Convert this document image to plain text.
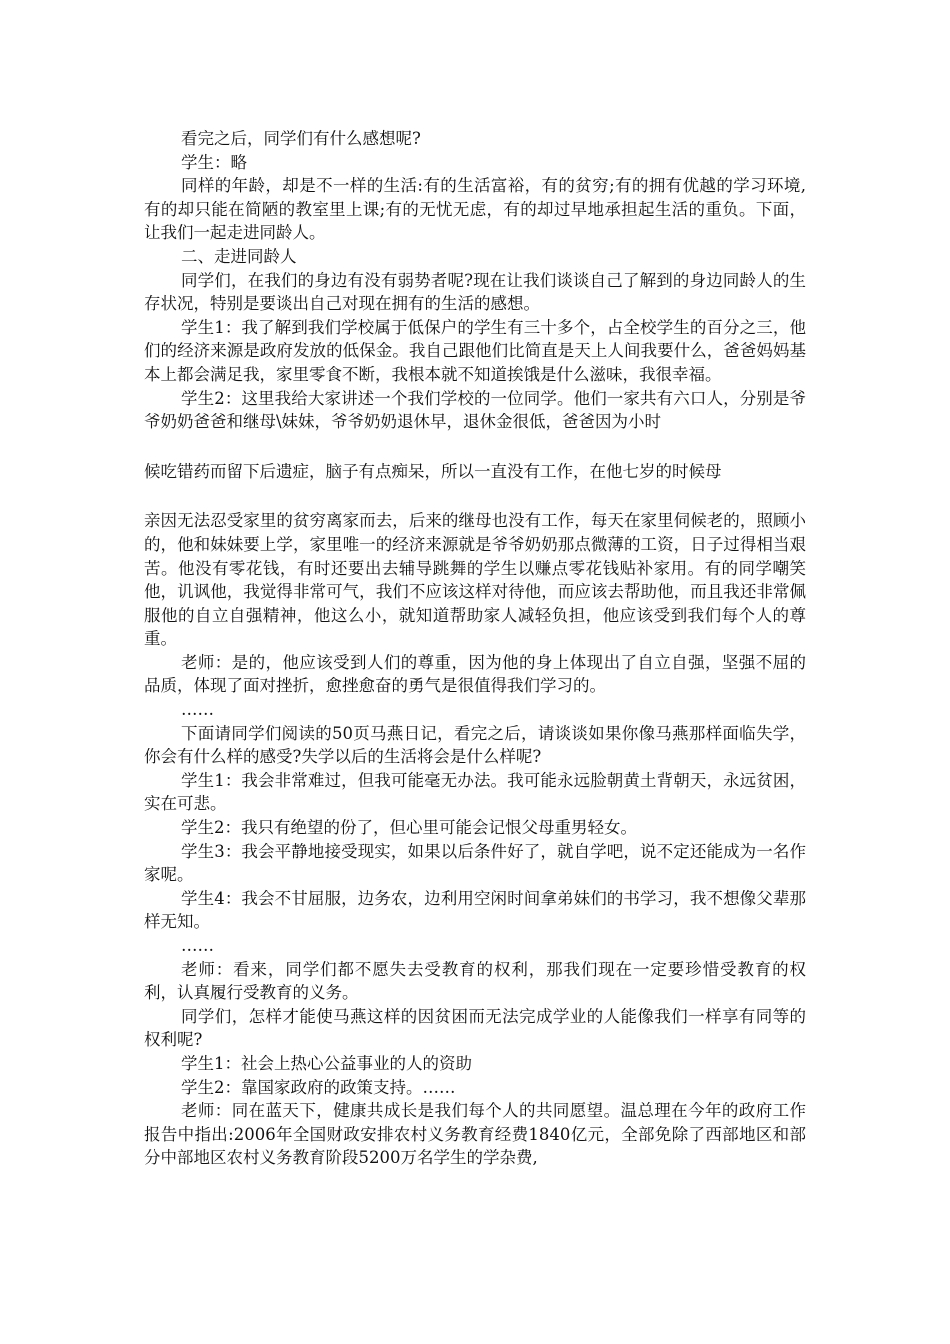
看完之后，同学们有什么感想呢?

学生：略

同样的年龄，却是不一样的生活:有的生活富裕，有的贫穷;有的拥有优越的学习环境,有的却只能在简陋的教室里上课;有的无忧无虑，有的却过早地承担起生活的重负。下面，让我们一起走进同龄人。

二、走进同龄人

同学们，在我们的身边有没有弱势者呢?现在让我们谈谈自己了解到的身边同龄人的生存状况，特别是要谈出自己对现在拥有的生活的感想。

学生1：我了解到我们学校属于低保户的学生有三十多个，占全校学生的百分之三，他们的经济来源是政府发放的低保金。我自己跟他们比简直是天上人间我要什么，爸爸妈妈基本上都会满足我，家里零食不断，我根本就不知道挨饿是什么滋味，我很幸福。

学生2：这里我给大家讲述一个我们学校的一位同学。他们一家共有六口人，分别是爷爷奶奶爸爸和继母\妹妹，爷爷奶奶退休早，退休金很低，爸爸因为小时

候吃错药而留下后遗症，脑子有点痴呆，所以一直没有工作，在他七岁的时候母

亲因无法忍受家里的贫穷离家而去，后来的继母也没有工作，每天在家里伺候老的，照顾小的，他和妹妹要上学，家里唯一的经济来源就是爷爷奶奶那点微薄的工资，日子过得相当艰苦。他没有零花钱，有时还要出去辅导跳舞的学生以赚点零花钱贴补家用。有的同学嘲笑他，讥讽他，我觉得非常可气，我们不应该这样对待他，而应该去帮助他，而且我还非常佩服他的自立自强精神，他这么小，就知道帮助家人减轻负担，他应该受到我们每个人的尊重。

老师：是的，他应该受到人们的尊重，因为他的身上体现出了自立自强，坚强不屈的品质，体现了面对挫折，愈挫愈奋的勇气是很值得我们学习的。

……

下面请同学们阅读的50页马燕日记，看完之后，请谈谈如果你像马燕那样面临失学，你会有什么样的感受?失学以后的生活将会是什么样呢?

学生1：我会非常难过，但我可能毫无办法。我可能永远脸朝黄土背朝天，永远贫困，实在可悲。

学生2：我只有绝望的份了，但心里可能会记恨父母重男轻女。

学生3：我会平静地接受现实，如果以后条件好了，就自学吧，说不定还能成为一名作家呢。

学生4：我会不甘屈服，边务农，边利用空闲时间拿弟妹们的书学习，我不想像父辈那样无知。

……

老师：看来，同学们都不愿失去受教育的权利，那我们现在一定要珍惜受教育的权利，认真履行受教育的义务。

同学们，怎样才能使马燕这样的因贫困而无法完成学业的人能像我们一样享有同等的权利呢?

学生1：社会上热心公益事业的人的资助

学生2：靠国家政府的政策支持。……

老师：同在蓝天下，健康共成长是我们每个人的共同愿望。温总理在今年的政府工作报告中指出:2006年全国财政安排农村义务教育经费1840亿元，全部免除了西部地区和部分中部地区农村义务教育阶段5200万名学生的学杂费,
